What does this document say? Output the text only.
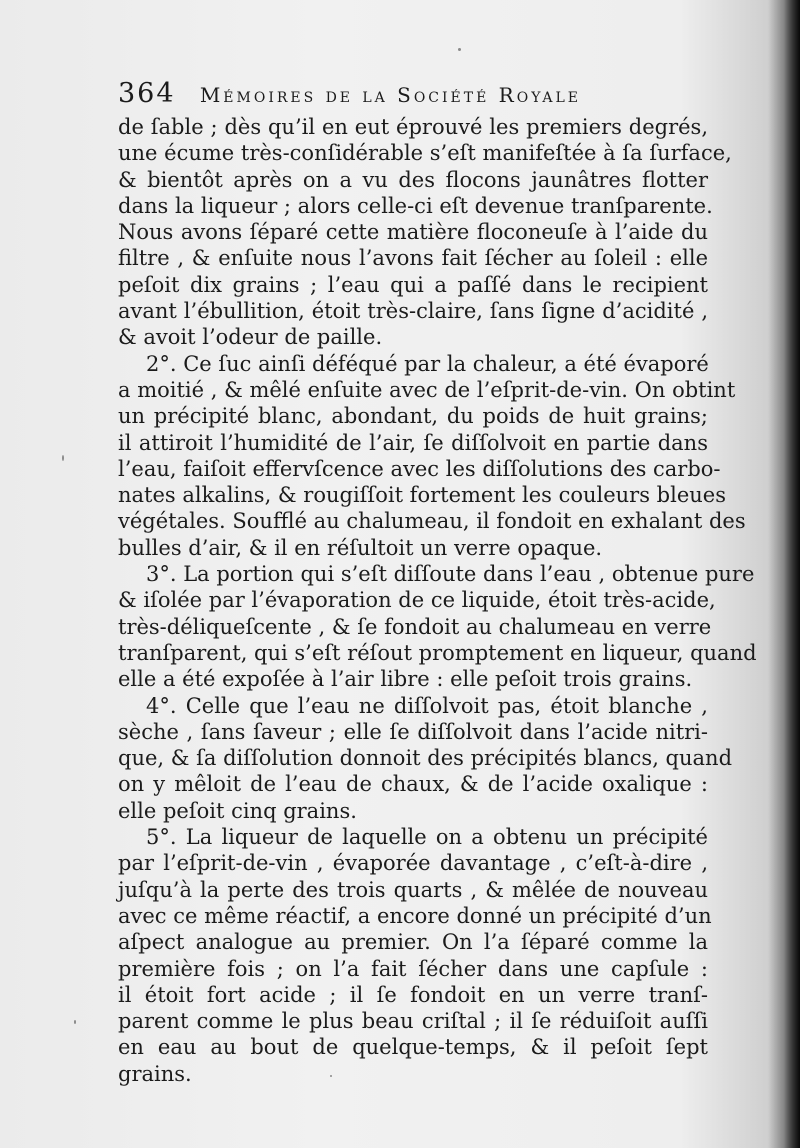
364 Mémoires de la Société Royale
de ſable ; dès qu’il en eut éprouvé les premiers degrés,
une écume très-conſidérable s’eſt manifeſtée à ſa ſurface,
& bientôt après on a vu des flocons jaunâtres flotter
dans la liqueur ; alors celle-ci eſt devenue tranſparente.
Nous avons ſéparé cette matière floconeuſe à l’aide du
filtre , & enſuite nous l’avons fait ſécher au ſoleil : elle
peſoit dix grains ; l’eau qui a paſſé dans le recipient
avant l’ébullition, étoit très-claire, ſans ſigne d’acidité ,
& avoit l’odeur de paille.
2°. Ce ſuc ainſi déféqué par la chaleur, a été évaporé
a moitié , & mêlé enſuite avec de l’eſprit-de-vin. On obtint
un précipité blanc, abondant, du poids de huit grains;
il attiroit l’humidité de l’air, ſe diſſolvoit en partie dans
l’eau, faiſoit effervſcence avec les diſſolutions des carbo-
nates alkalins, & rougiſſoit fortement les couleurs bleues
végétales. Soufflé au chalumeau, il fondoit en exhalant des
bulles d’air, & il en réſultoit un verre opaque.
3°. La portion qui s’eſt diſſoute dans l’eau , obtenue pure
& iſolée par l’évaporation de ce liquide, étoit très-acide,
très-déliqueſcente , & ſe fondoit au chalumeau en verre
tranſparent, qui s’eſt réſout promptement en liqueur, quand
elle a été expoſée à l’air libre : elle peſoit trois grains.
4°. Celle que l’eau ne diſſolvoit pas, étoit blanche ,
sèche , ſans ſaveur ; elle ſe diſſolvoit dans l’acide nitri-
que, & ſa diſſolution donnoit des précipités blancs, quand
on y mêloit de l’eau de chaux, & de l’acide oxalique :
elle peſoit cinq grains.
5°. La liqueur de laquelle on a obtenu un précipité
par l’eſprit-de-vin , évaporée davantage , c’eſt-à-dire ,
juſqu’à la perte des trois quarts , & mêlée de nouveau
avec ce même réactif, a encore donné un précipité d’un
aſpect analogue au premier. On l’a ſéparé comme la
première fois ; on l’a fait ſécher dans une capſule :
il étoit fort acide ; il ſe fondoit en un verre tranſ-
parent comme le plus beau criſtal ; il ſe réduiſoit auſſi
en eau au bout de quelque-temps, & il peſoit ſept
grains.
